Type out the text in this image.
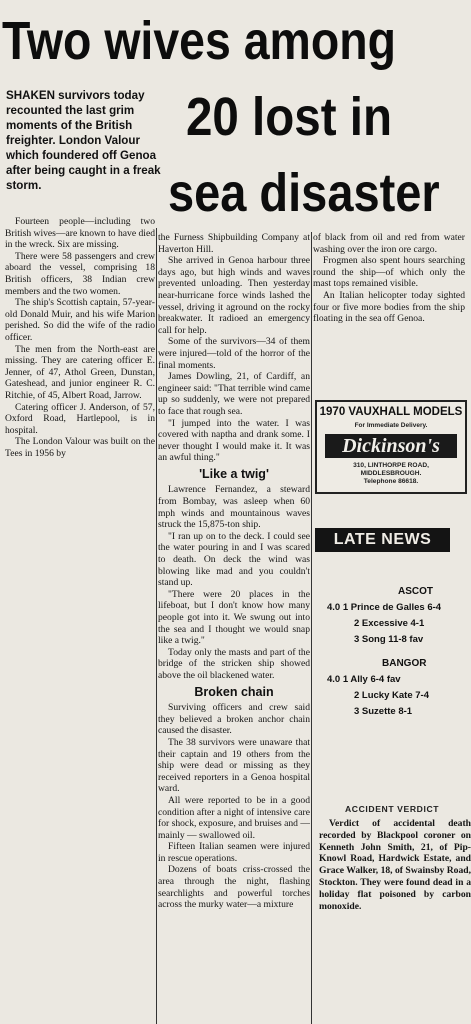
Two wives among
20 lost in
sea disaster
SHAKEN survivors today recounted the last grim moments of the British freighter. London Valour which foundered off Genoa after being caught in a freak storm.

Fourteen people—including two British wives—are known to have died in the wreck. Six are missing.

There were 58 passengers and crew aboard the vessel, comprising 18 British officers, 38 Indian crew members and the two women.

The ship's Scottish captain, 57-year-old Donald Muir, and his wife Marion perished. So did the wife of the radio officer.

The men from the North-east are missing. They are catering officer E. Jenner, of 47, Athol Green, Dunstan, Gateshead, and junior engineer R. C. Ritchie, of 45, Albert Road, Jarrow.

Catering officer J. Anderson, of 57, Oxford Road, Hartlepool, is in hospital.

The London Valour was built on the Tees in 1956 by

the Furness Shipbuilding Company at Haverton Hill.

She arrived in Genoa harbour three days ago, but high winds and waves prevented unloading. Then yesterday near-hurricane force winds lashed the vessel, driving it aground on the rocky breakwater. It radioed an emergency call for help.

Some of the survivors—34 of them were injured—told of the horror of the final moments.

James Dowling, 21, of Cardiff, an engineer said: "That terrible wind came up so suddenly, we were not prepared to face that rough sea.

"I jumped into the water. I was covered with naptha and drank some. I never thought I would make it. It was an awful thing."

'Like a twig'

Lawrence Fernandez, a steward from Bombay, was asleep when 60 mph winds and mountainous waves struck the 15,875-ton ship.

"I ran up on to the deck. I could see the water pouring in and I was scared to death. On deck the wind was blowing like mad and you couldn't stand up.

"There were 20 places in the lifeboat, but I don't know how many people got into it. We swung out into the sea and I thought we would snap like a twig."

Today only the masts and part of the bridge of the stricken ship showed above the oil blackened water.

Broken chain

Surviving officers and crew said they believed a broken anchor chain caused the disaster.

The 38 survivors were unaware that their captain and 19 others from the ship were dead or missing as they received reporters in a Genoa hospital ward.

All were reported to be in a good condition after a night of intensive care for shock, exposure, and bruises and — mainly — swallowed oil.

Fifteen Italian seamen were injured in rescue operations.

Dozens of boats criss-crossed the area through the night, flashing searchlights and powerful torches across the murky water—a mixture

of black from oil and red from water washing over the iron ore cargo.

Frogmen also spent hours searching round the ship—of which only the mast tops remained visible.

An Italian helicopter today sighted four or five more bodies from the ship floating in the sea off Genoa.

1970 VAUXHALL MODELS
For Immediate Delivery.
Dickinson's
310, LINTHORPE ROAD,
MIDDLESBROUGH.
Telephone 86618.
LATE NEWS
ASCOT
4.0 1 Prince de Galles 6-4
2 Excessive 4-1
3 Song 11-8 fav
BANGOR
4.0 1 Ally 6-4 fav
2 Lucky Kate 7-4
3 Suzette 8-1
ACCIDENT VERDICT

Verdict of accidental death recorded by Blackpool coroner on Kenneth John Smith, 21, of Pip-Knowl Road, Hardwick Estate, and Grace Walker, 18, of Swainsby Road, Stockton. They were found dead in a holiday flat poisoned by carbon monoxide.
